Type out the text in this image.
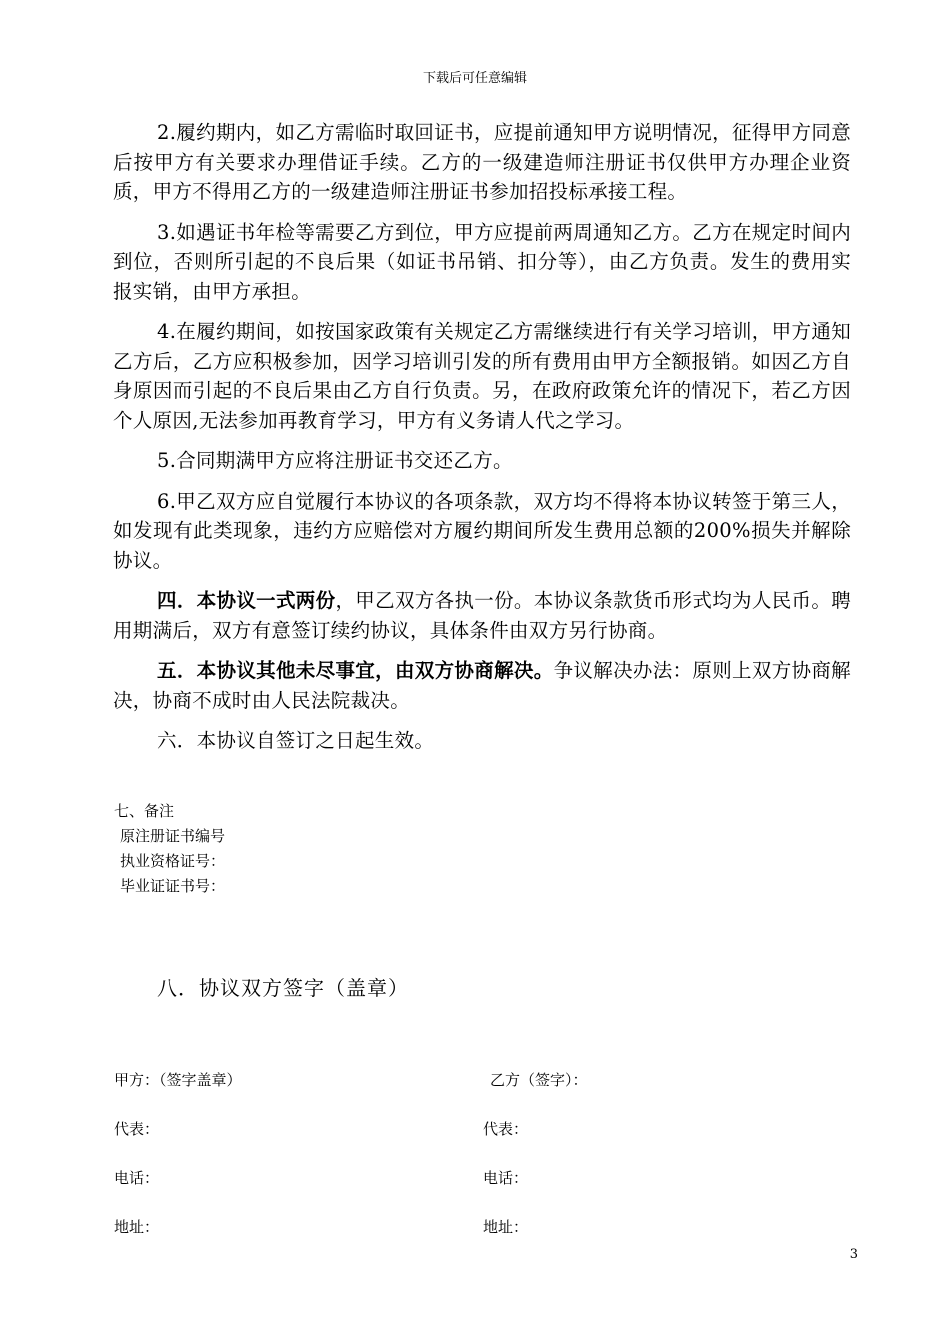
下载后可任意编辑

2.履约期内，如乙方需临时取回证书，应提前通知甲方说明情况，征得甲方同意后按甲方有关要求办理借证手续。乙方的一级建造师注册证书仅供甲方办理企业资质，甲方不得用乙方的一级建造师注册证书参加招投标承接工程。

3.如遇证书年检等需要乙方到位，甲方应提前两周通知乙方。乙方在规定时间内到位，否则所引起的不良后果（如证书吊销、扣分等），由乙方负责。发生的费用实报实销，由甲方承担。

4.在履约期间，如按国家政策有关规定乙方需继续进行有关学习培训，甲方通知乙方后，乙方应积极参加，因学习培训引发的所有费用由甲方全额报销。如因乙方自身原因而引起的不良后果由乙方自行负责。另，在政府政策允许的情况下，若乙方因个人原因,无法参加再教育学习，甲方有义务请人代之学习。

5.合同期满甲方应将注册证书交还乙方。

6.甲乙双方应自觉履行本协议的各项条款，双方均不得将本协议转签于第三人，如发现有此类现象，违约方应赔偿对方履约期间所发生费用总额的200%损失并解除协议。

四．本协议一式两份，甲乙双方各执一份。本协议条款货币形式均为人民币。聘用期满后，双方有意签订续约协议，具体条件由双方另行协商。

五．本协议其他未尽事宜，由双方协商解决。争议解决办法：原则上双方协商解决，协商不成时由人民法院裁决。

六．本协议自签订之日起生效。

七、备注
原注册证书编号
执业资格证号：
毕业证证书号：
八．协议双方签字（盖章）
甲方：（签字盖章）	乙方（签字）：
代表：	代表：
电话：	电话：
地址：	地址：
3
